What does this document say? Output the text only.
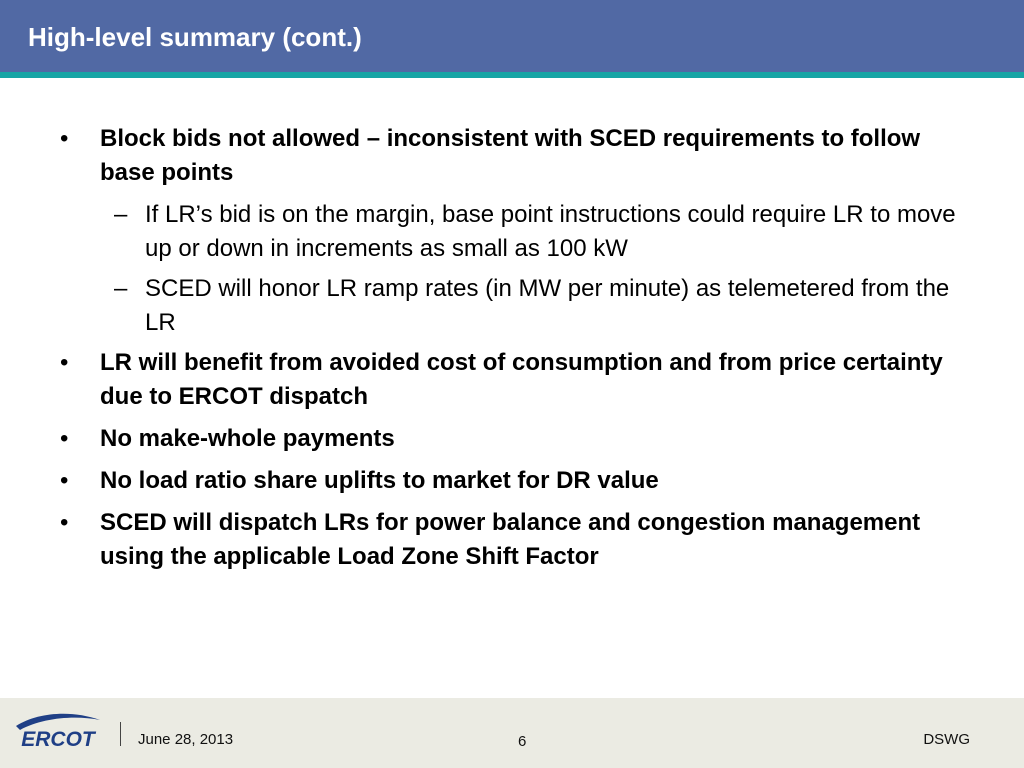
High-level summary (cont.)
• Block bids not allowed – inconsistent with SCED requirements to follow base points
– If LR’s bid is on the margin, base point instructions could require LR to move up or down in increments as small as 100 kW
– SCED will honor LR ramp rates (in MW per minute) as telemetered from the LR
• LR will benefit from avoided cost of consumption and from price certainty due to ERCOT dispatch
• No make-whole payments
• No load ratio share uplifts to market for DR value
• SCED will dispatch LRs for power balance and congestion management using the applicable Load Zone Shift Factor
ERCOT	June 28, 2013	6	DSWG
